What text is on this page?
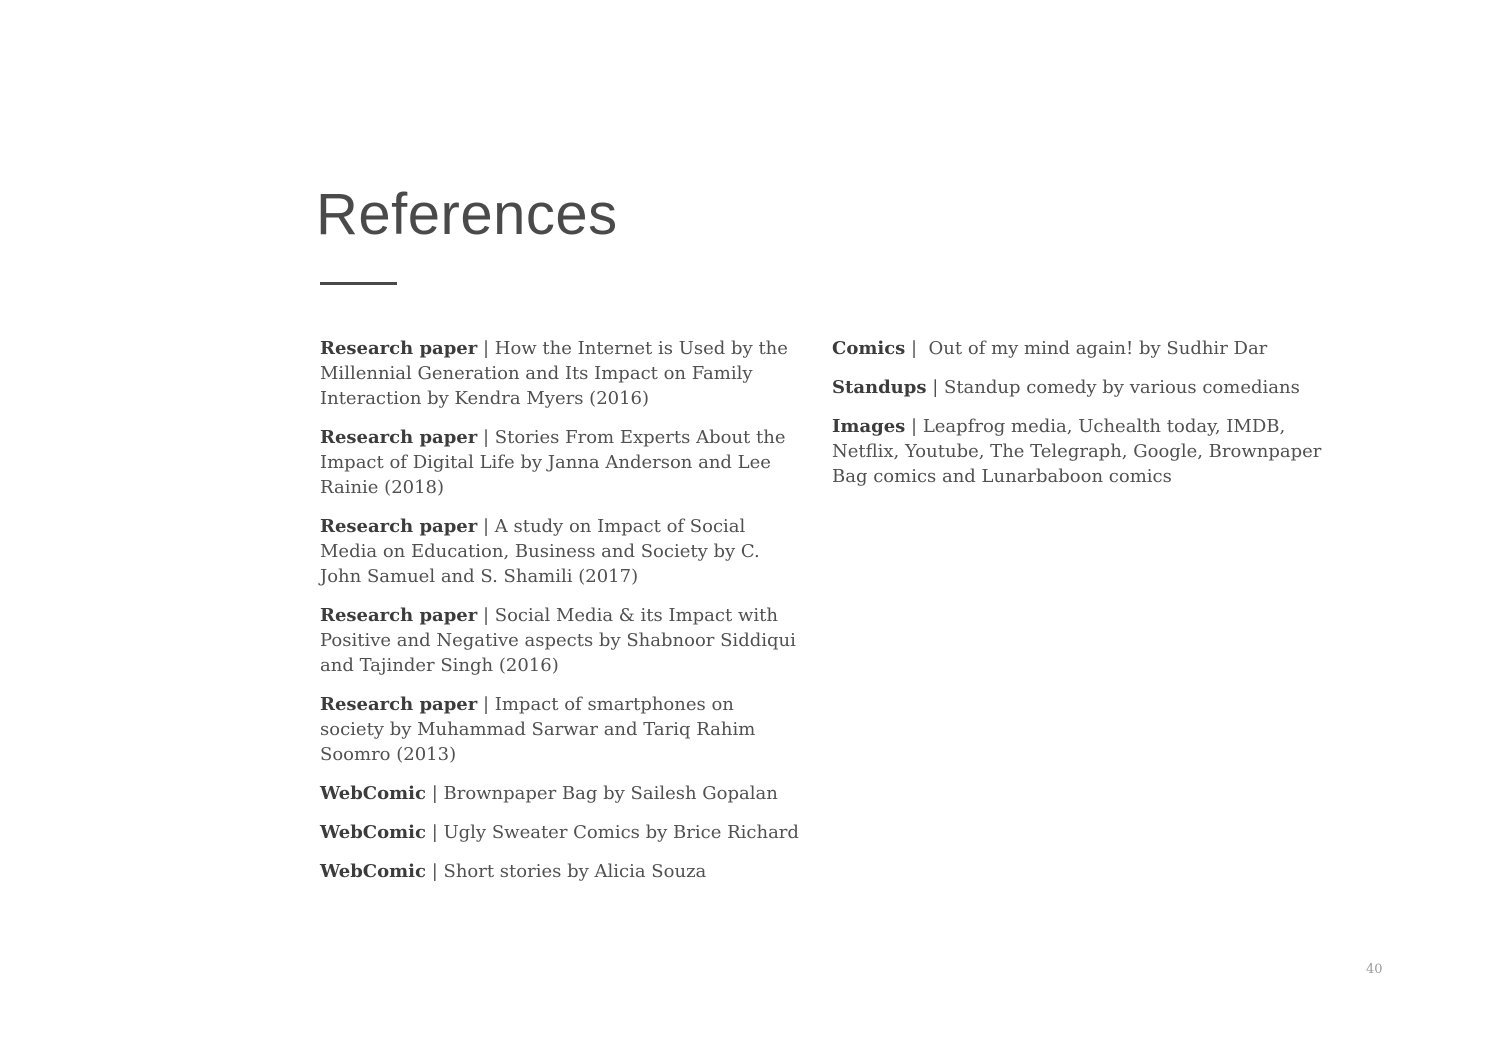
References

Research paper | How the Internet is Used by the Millennial Generation and Its Impact on Family Interaction by Kendra Myers (2016)

Research paper | Stories From Experts About the Impact of Digital Life by Janna Anderson and Lee Rainie (2018)

Research paper | A study on Impact of Social Media on Education, Business and Society by C. John Samuel and S. Shamili (2017)

Research paper | Social Media & its Impact with Positive and Negative aspects by Shabnoor Siddiqui and Tajinder Singh (2016)

Research paper | Impact of smartphones on society by Muhammad Sarwar and Tariq Rahim Soomro (2013)

WebComic | Brownpaper Bag by Sailesh Gopalan

WebComic | Ugly Sweater Comics by Brice Richard

WebComic | Short stories by Alicia Souza

Comics |  Out of my mind again! by Sudhir Dar

Standups | Standup comedy by various comedians

Images | Leapfrog media, Uchealth today, IMDB, Netflix, Youtube, The Telegraph, Google, Brownpaper Bag comics and Lunarbaboon comics

40
